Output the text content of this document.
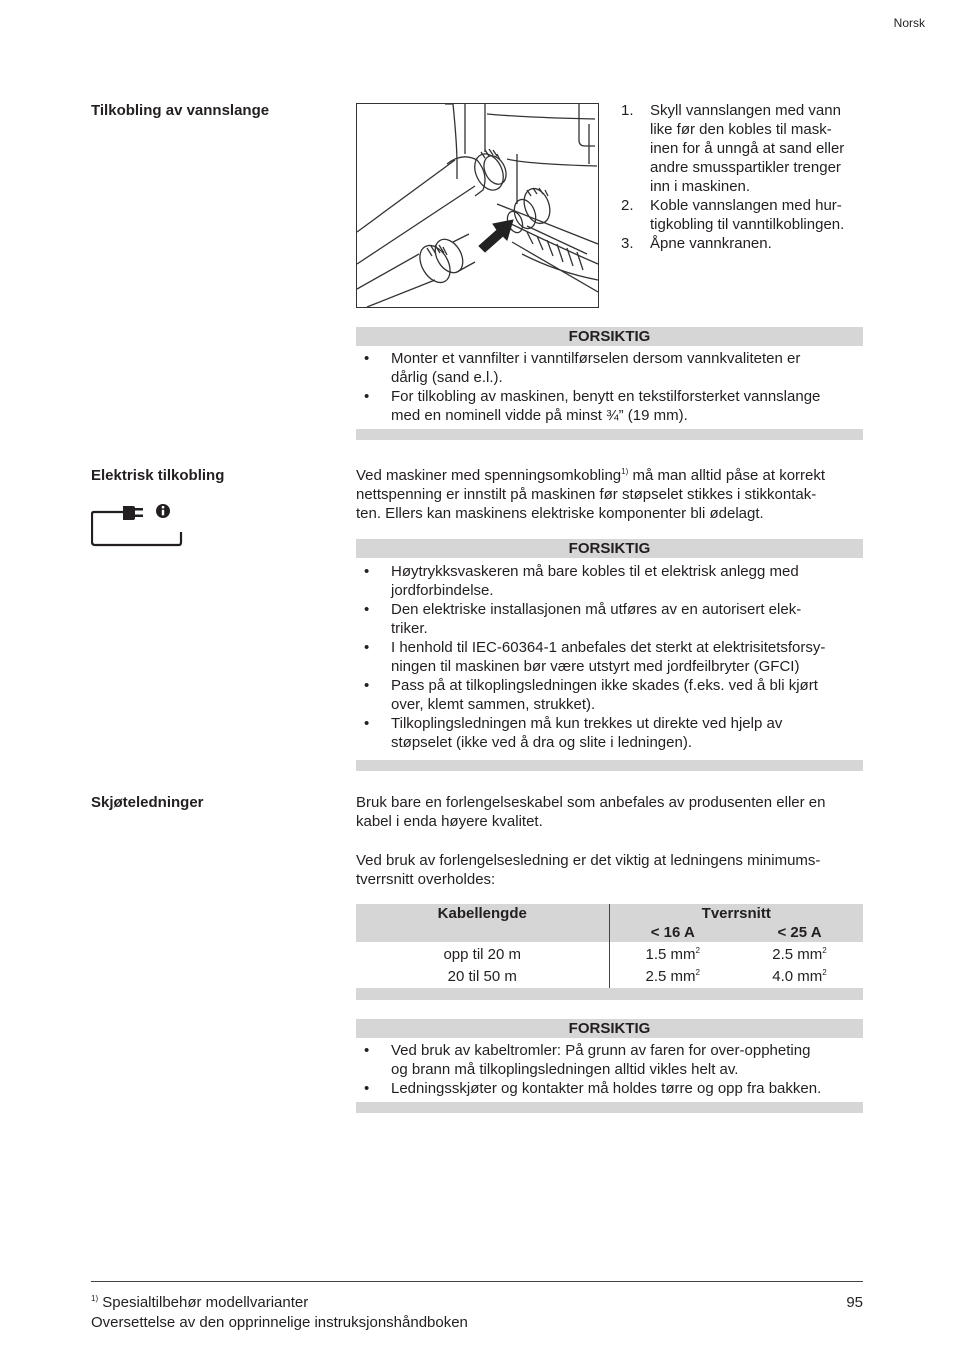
Norsk
Tilkobling av vannslange	1. Skyll vannslangen med vann
like før den kobles til mask-
inen for å unngå at sand eller
andre smusspartikler trenger
inn i maskinen.
2. Koble vannslangen med hur-
tigkobling til vanntilkoblingen.
3. Åpne vannkranen.
FORSIKTIG
• Monter et vannfilter i vanntilførselen dersom vannkvaliteten er
dårlig (sand e.l.).
• For tilkobling av maskinen, benytt en tekstilforsterket vannslange
med en nominell vidde på minst ¾” (19 mm).
Elektrisk tilkobling	Ved maskiner med spenningsomkobling$^{1)}$ må man alltid påse at korrekt
nettspenning er innstilt på maskinen før støpselet stikkes i stikkontak-
ten. Ellers kan maskinens elektriske komponenter bli ødelagt.

FORSIKTIG
• Høytrykksvaskeren må bare kobles til et elektrisk anlegg med
jordforbindelse.
• Den elektriske installasjonen må utføres av en autorisert elek-
triker.
• I henhold til IEC-60364-1 anbefales det sterkt at elektrisitetsforsy-
ningen til maskinen bør være utstyrt med jordfeilbryter (GFCI)
• Pass på at tilkoplingsledningen ikke skades (f.eks. ved å bli kjørt
over, klemt sammen, strukket).
• Tilkoplingsledningen må kun trekkes ut direkte ved hjelp av
støpselet (ikke ved å dra og slite i ledningen).
Skjøteledninger	Bruk bare en forlengelseskabel som anbefales av produsenten eller en
kabel i enda høyere kvalitet.

Ved bruk av forlengelsesledning er det viktig at ledningens minimums-
tverrsnitt overholdes:

Kabellengde	Tverrsnitt	
	< 16 A	< 25 A
opp til 20 m	1.5 $mm^2$	2.5 $mm^2$
20 til 50 m	2.5 $mm^2$	4.0 $mm^2$
FORSIKTIG
• Ved bruk av kabeltromler: På grunn av faren for over-oppheting
og brann må tilkoplingsledningen alltid vikles helt av.
• Ledningsskjøter og kontakter må holdes tørre og opp fra bakken.
$^{1)}$ Spesialtilbehør modellvarianter
Oversettelse av den opprinnelige instruksjonshåndboken
95
